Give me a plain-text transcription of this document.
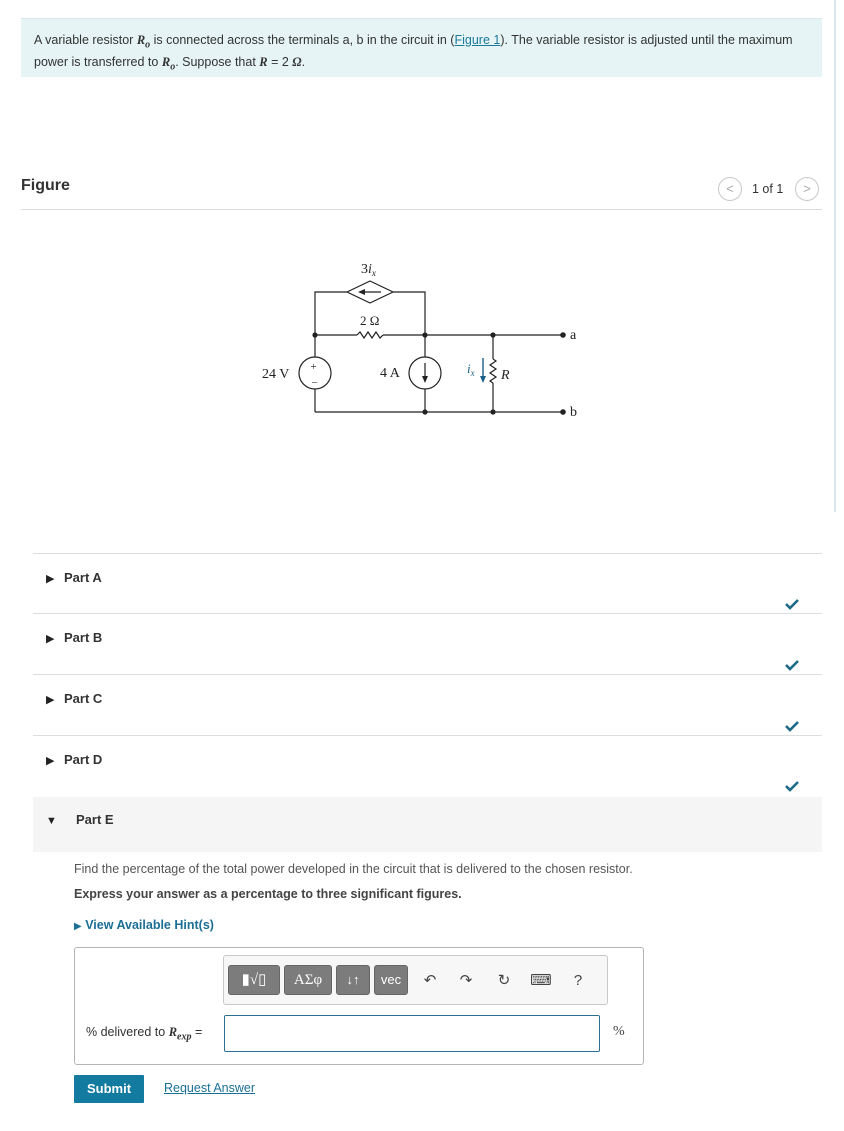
A variable resistor $R_o$ is connected across the terminals a, b in the circuit in (Figure 1). The variable resistor is adjusted until the maximum power is transferred to $R_o$. Suppose that R = 2 Ω.
Figure	<	1 of 1	>
+
−
$3i_x$
2 Ω
24 V	4 A	$i_x$ R
a
b
▶ Part A
▶ Part B
▶ Part C
▶ Part D
▼ Part E
Find the percentage of the total power developed in the circuit that is delivered to the chosen resistor.
Express your answer as a percentage to three significant figures.
▶ View Available Hint(s)
▮√▯	ΑΣφ	↓↑	vec	↶	↷	↻	⌨	?
% delivered to $R_{exp}$ =	%
Submit	Request Answer
